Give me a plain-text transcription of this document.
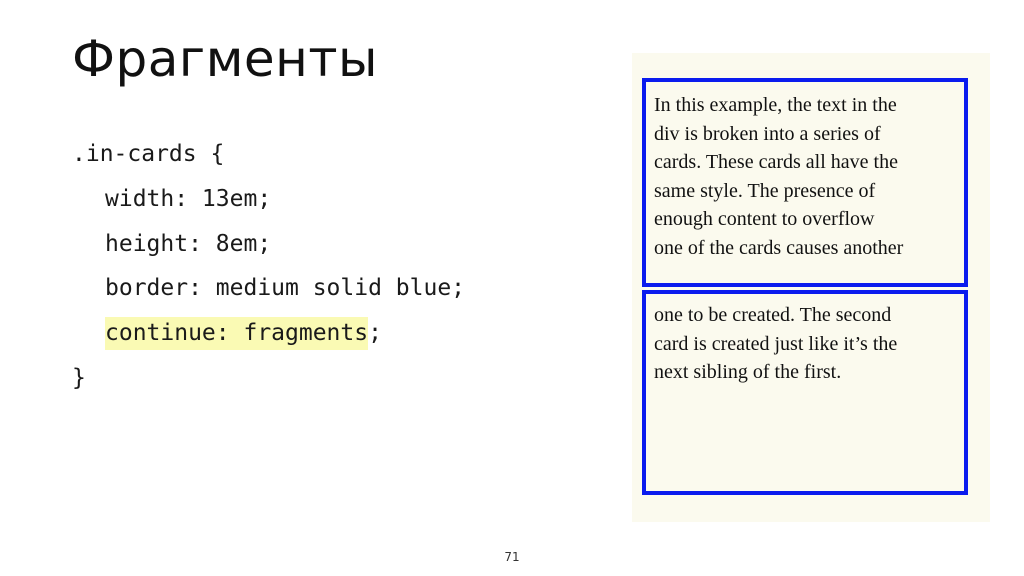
Фрагменты
.in-cards {
width: 13em;
height: 8em;
border: medium solid blue;
continue: fragments;
}
In this example, the text in the
div is broken into a series of
cards. These cards all have the
same style. The presence of
enough content to overflow
one of the cards causes another
one to be created. The second
card is created just like it’s the
next sibling of the first.
71
